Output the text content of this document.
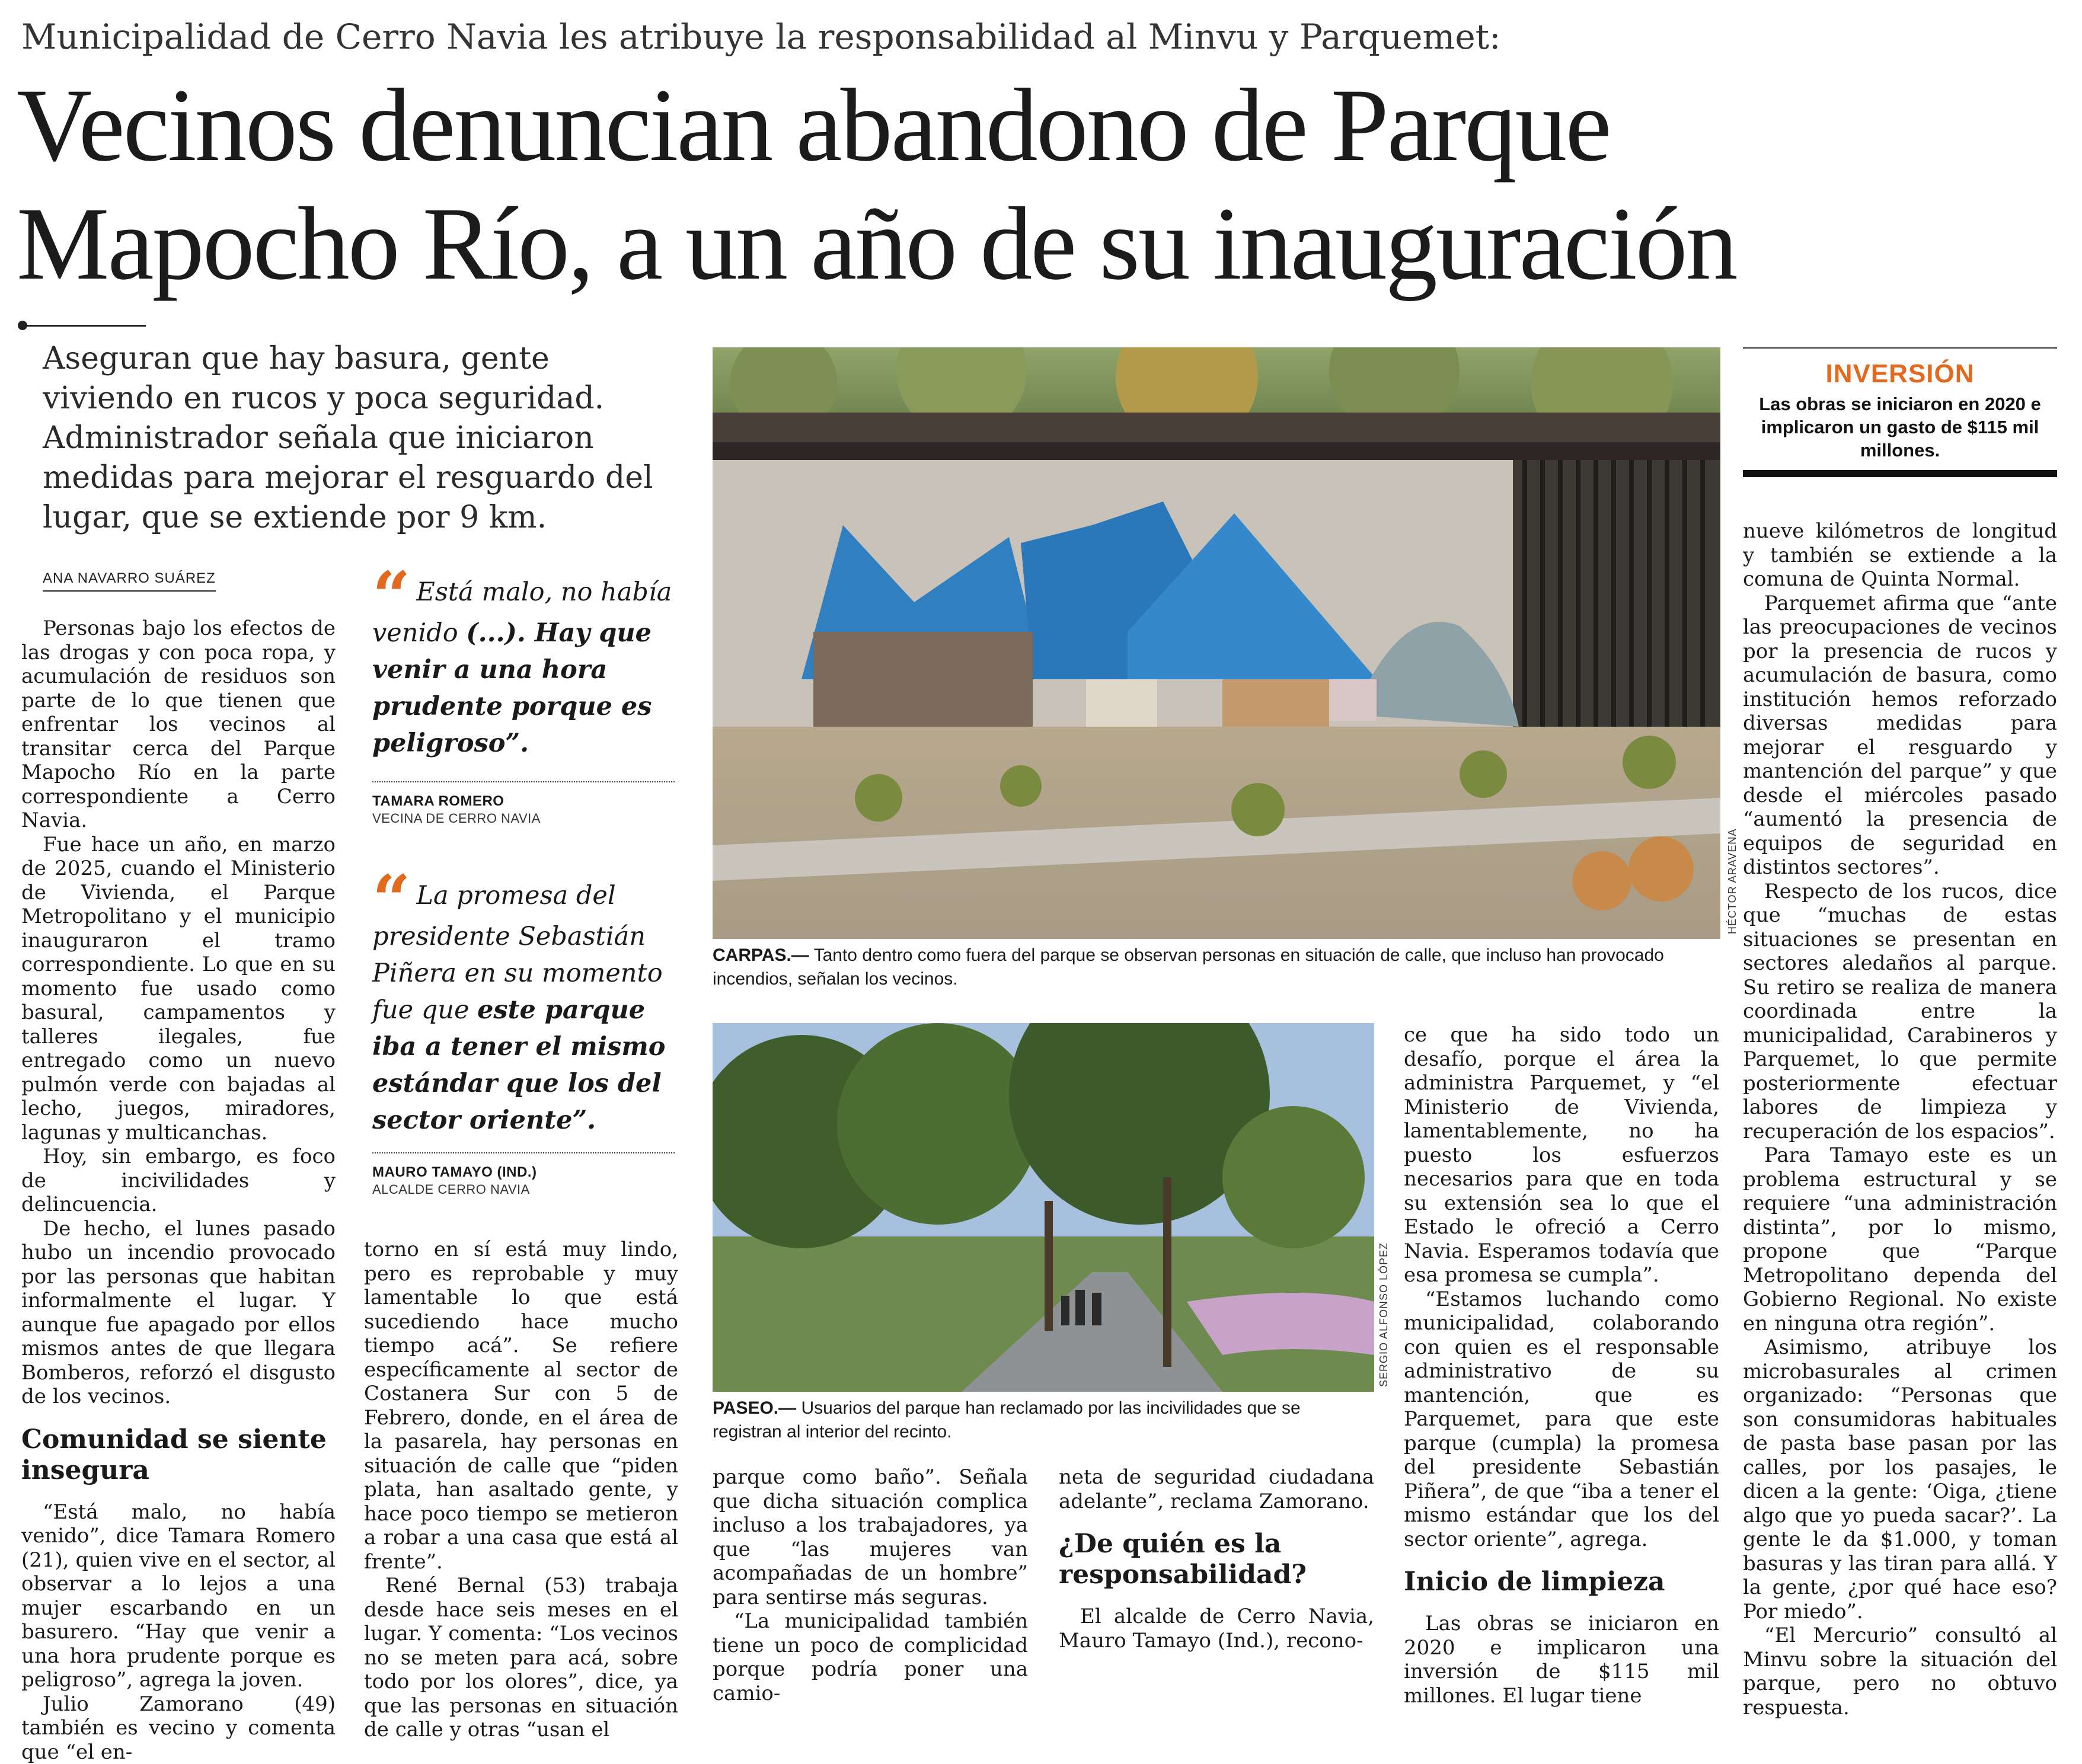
Municipalidad de Cerro Navia les atribuye la responsabilidad al Minvu y Parquemet:
Vecinos denuncian abandono de Parque
Mapocho Río, a un año de su inauguración
Aseguran que hay basura, gente viviendo en rucos y poca seguridad. Administrador señala que iniciaron medidas para mejorar el resguardo del lugar, que se extiende por 9 km.
ANA NAVARRO SUÁREZ

Personas bajo los efectos de las drogas y con poca ropa, y acumulación de residuos son parte de lo que tienen que enfrentar los vecinos al transitar cerca del Parque Mapocho Río en la parte correspondiente a Cerro Navia.

Fue hace un año, en marzo de 2025, cuando el Ministerio de Vivienda, el Parque Metropolitano y el municipio inauguraron el tramo correspondiente. Lo que en su momento fue usado como basural, campamentos y talleres ilegales, fue entregado como un nuevo pulmón verde con bajadas al lecho, juegos, miradores, lagunas y multicanchas.

Hoy, sin embargo, es foco de incivilidades y delincuencia.

De hecho, el lunes pasado hubo un incendio provocado por las personas que habitan informalmente el lugar. Y aunque fue apagado por ellos mismos antes de que llegara Bomberos, reforzó el disgusto de los vecinos.

Comunidad se siente insegura

“Está malo, no había venido”, dice Tamara Romero (21), quien vive en el sector, al observar a lo lejos a una mujer escarbando en un basurero. “Hay que venir a una hora prudente porque es peligroso”, agrega la joven.

Julio Zamorano (49) también es vecino y comenta que “el en-

“ Está malo, no había venido (...). Hay que venir a una hora prudente porque es peligroso”.
TAMARA ROMERO
VECINA DE CERRO NAVIA
“ La promesa del presidente Sebastián Piñera en su momento fue que este parque iba a tener el mismo estándar que los del sector oriente”.
MAURO TAMAYO (IND.)
ALCALDE CERRO NAVIA

torno en sí está muy lindo, pero es reprobable y muy lamentable lo que está sucediendo hace mucho tiempo acá”. Se refiere específicamente al sector de Costanera Sur con 5 de Febrero, donde, en el área de la pasarela, hay personas en situación de calle que “piden plata, han asaltado gente, y hace poco tiempo se metieron a robar a una casa que está al frente”.

René Bernal (53) trabaja desde hace seis meses en el lugar. Y comenta: “Los vecinos no se meten para acá, sobre todo por los olores”, dice, ya que las personas en situación de calle y otras “usan el

HÉCTOR ARAVENA
CARPAS.— Tanto dentro como fuera del parque se observan personas en situación de calle, que incluso han provocado incendios, señalan los vecinos.
SERGIO ALFONSO LÓPEZ
PASEO.— Usuarios del parque han reclamado por las incivilidades que se registran al interior del recinto.

parque como baño”. Señala que dicha situación complica incluso a los trabajadores, ya que “las mujeres van acompañadas de un hombre” para sentirse más seguras.

“La municipalidad también tiene un poco de complicidad porque podría poner una camio-

neta de seguridad ciudadana adelante”, reclama Zamorano.

¿De quién es la responsabilidad?

El alcalde de Cerro Navia, Mauro Tamayo (Ind.), recono-

ce que ha sido todo un desafío, porque el área la administra Parquemet, y “el Ministerio de Vivienda, lamentablemente, no ha puesto los esfuerzos necesarios para que en toda su extensión sea lo que el Estado le ofreció a Cerro Navia. Esperamos todavía que esa promesa se cumpla”.

“Estamos luchando como municipalidad, colaborando con quien es el responsable administrativo de su mantención, que es Parquemet, para que este parque (cumpla) la promesa del presidente Sebastián Piñera”, de que “iba a tener el mismo estándar que los del sector oriente”, agrega.

Inicio de limpieza

Las obras se iniciaron en 2020 e implicaron una inversión de $115 mil millones. El lugar tiene

INVERSIÓN
Las obras se iniciaron en 2020 e implicaron un gasto de $115 mil millones.

nueve kilómetros de longitud y también se extiende a la comuna de Quinta Normal.

Parquemet afirma que “ante las preocupaciones de vecinos por la presencia de rucos y acumulación de basura, como institución hemos reforzado diversas medidas para mejorar el resguardo y mantención del parque” y que desde el miércoles pasado “aumentó la presencia de equipos de seguridad en distintos sectores”.

Respecto de los rucos, dice que “muchas de estas situaciones se presentan en sectores aledaños al parque. Su retiro se realiza de manera coordinada entre la municipalidad, Carabineros y Parquemet, lo que permite posteriormente efectuar labores de limpieza y recuperación de los espacios”.

Para Tamayo este es un problema estructural y se requiere “una administración distinta”, por lo mismo, propone que “Parque Metropolitano dependa del Gobierno Regional. No existe en ninguna otra región”.

Asimismo, atribuye los microbasurales al crimen organizado: “Personas que son consumidoras habituales de pasta base pasan por las calles, por los pasajes, le dicen a la gente: ‘Oiga, ¿tiene algo que yo pueda sacar?’. La gente le da $1.000, y toman basuras y las tiran para allá. Y la gente, ¿por qué hace eso? Por miedo”.

“El Mercurio” consultó al Minvu sobre la situación del parque, pero no obtuvo respuesta.
